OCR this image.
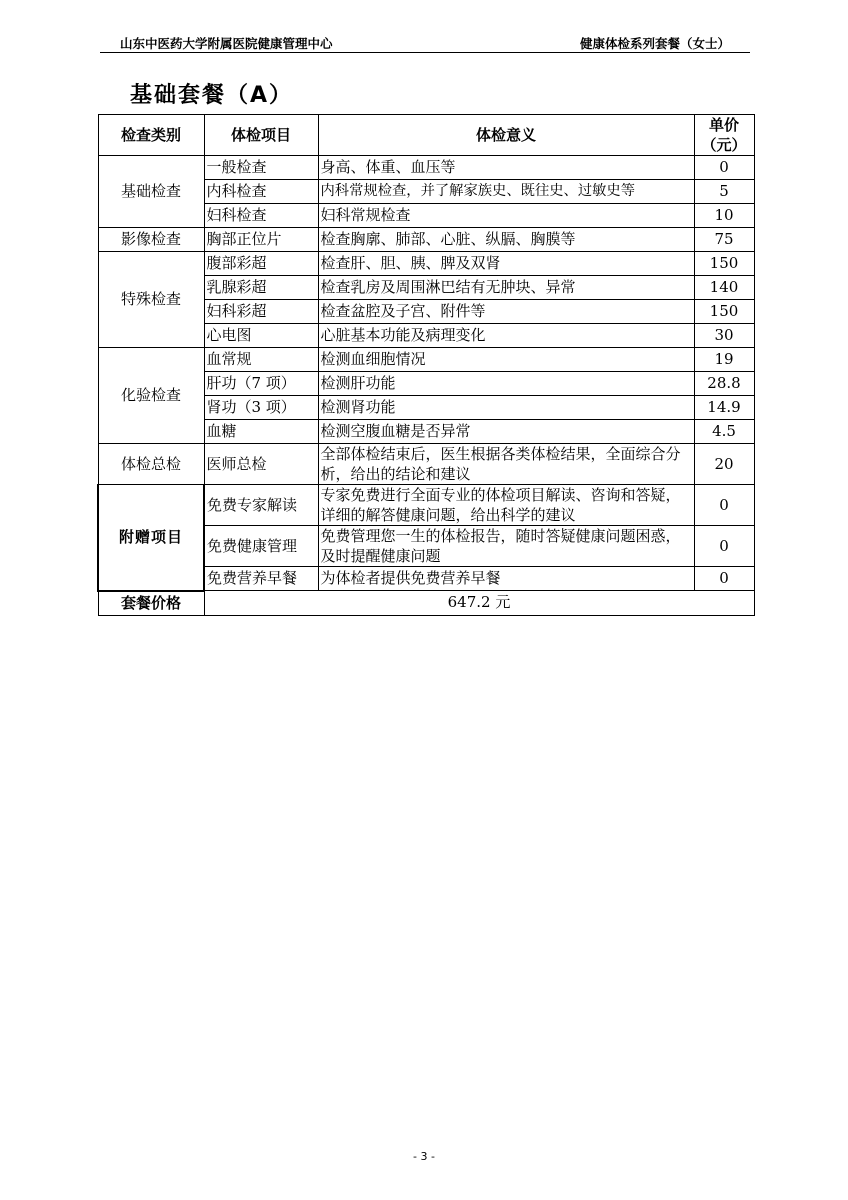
山东中医药大学附属医院健康管理中心	健康体检系列套餐（女士）
基础套餐（A）
检查类别	体检项目	体检意义	单价
（元）
基础检查	一般检查	身高、体重、血压等	0
	内科检查	内科常规检查，并了解家族史、既往史、过敏史等	5
	妇科检查	妇科常规检查	10
影像检查	胸部正位片	检查胸廓、肺部、心脏、纵膈、胸膜等	75
特殊检查	腹部彩超	检查肝、胆、胰、脾及双肾	150
	乳腺彩超	检查乳房及周围淋巴结有无肿块、异常	140
	妇科彩超	检查盆腔及子宫、附件等	150
	心电图	心脏基本功能及病理变化	30
化验检查	血常规	检测血细胞情况	19
	肝功（7 项）	检测肝功能	28.8
	肾功（3 项）	检测肾功能	14.9
	血糖	检测空腹血糖是否异常	4.5
体检总检	医师总检	全部体检结束后，医生根据各类体检结果，全面综合分析，给出的结论和建议	20
附赠项目	免费专家解读	专家免费进行全面专业的体检项目解读、咨询和答疑，详细的解答健康问题，给出科学的建议	0
	免费健康管理	免费管理您一生的体检报告，随时答疑健康问题困惑，及时提醒健康问题	0
	免费营养早餐	为体检者提供免费营养早餐	0
套餐价格	647.2 元		
- 3 -
